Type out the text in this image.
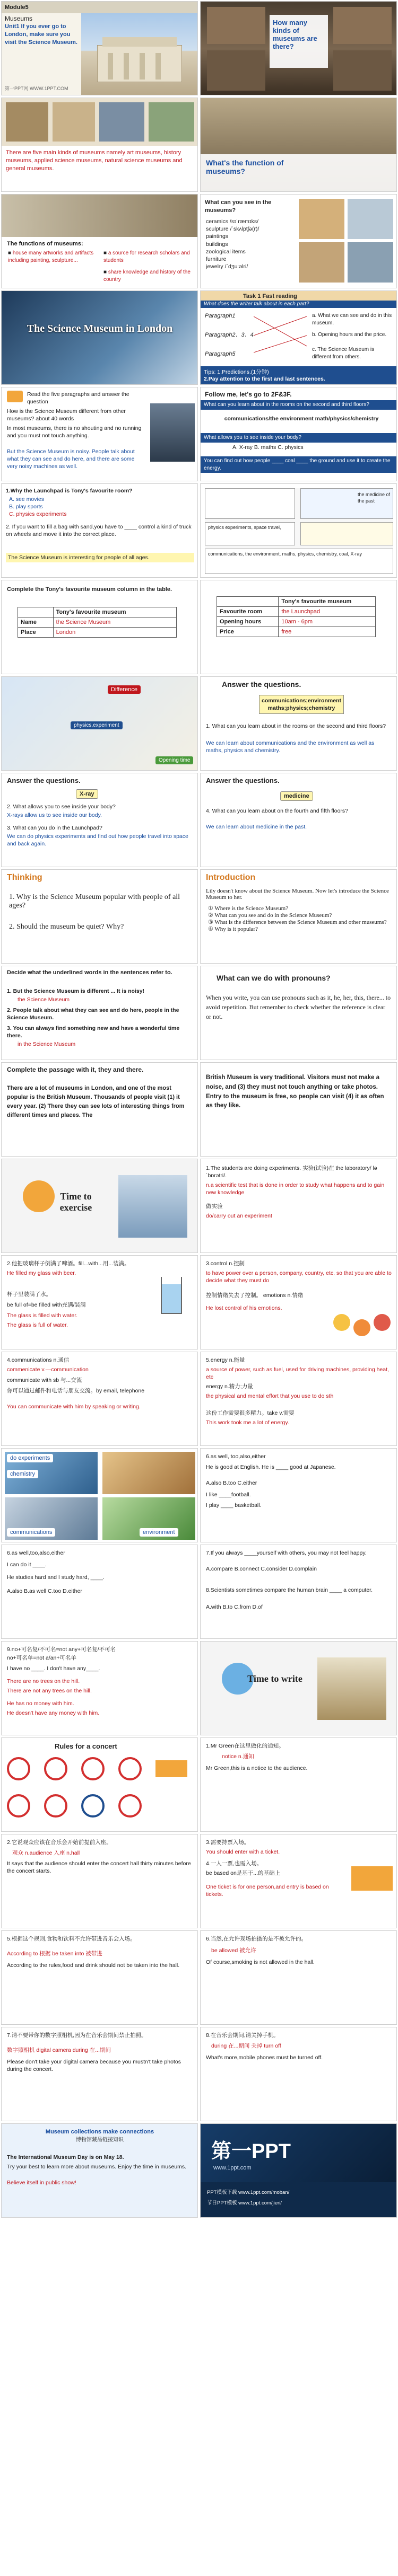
Module5
Museums
Unit1 If you ever go to London, make sure you visit the Science Museum.
第一PPT网 WWW.1PPT.COM
How many kinds of museums are there?
There are five main kinds of museums namely art museums, history museums, applied science museums, natural science museums and general museums.
What's the function of museums?
The functions of museums:
■ house many artworks and artifacts including painting, sculpture...
■ a source for research scholars and students
■ share knowledge and history of the country
What can you see in the museums?
ceramics /sɪˈræmɪks/
sculpture /ˈskʌlptʃə(r)/
paintings
buildings
zoological items
furniture
jewelry /ˈdʒuːəlri/
The Science Museum in London
Task 1 Fast reading
What does the writer talk about in each part?
Paragraph1
Paragraph2、3、4
Paragraph5
a. What we can see and do in this museum.
b. Opening hours and the price.
c. The Science Museum is different from others.
Tips: 1.Predictions.(1分钟)
2.Pay attention to the first and last sentences.
Read the five paragraphs and answer the question
How is the Science Museum different from other museums? about 40 words
In most museums, there is no shouting and no running and you must not touch anything.
But the Science Museum is noisy. People talk about what they can see and do here, and there are some very noisy machines as well.
Follow me, let's go to 2F&3F.
What can you learn about in the rooms on the second and third floors?
communications/the environment math/physics/chemistry
What allows you to see inside your body?
A. X-ray B. maths C. physics
You can find out how people ____ coal ____ the ground and use it to create the energy.
1.Why the Launchpad is Tony's favourite room?
A. see movies
B. play sports
C. physics experiments
2. If you want to fill a bag with sand,you have to ____ control a kind of truck on wheels and move it into the correct place.
The Science Museum is interesting for people of all ages.
the medicine of the past
physics experiments, space travel,
communications, the environment, maths, physics, chemistry, coal, X-ray
Complete the Tony's favourite museum column in the table.
	Tony's favourite museum
Name	the Science Museum
Place	London
	Tony's favourite museum
Favourite room	the Launchpad
Opening hours	10am - 6pm
Price	free
Difference
physics,experiment
Opening time
Answer the questions.
communications;environment maths;physics;chemistry
1. What can you learn about in the rooms on the second and third floors?
We can learn about communications and the environment as well as maths, physics and chemistry.
Answer the questions.
X-ray
2. What allows you to see inside your body?
X-rays allow us to see inside our body.
3. What can you do in the Launchpad?
We can do physics experiments and find out how people travel into space and back again.
Answer the questions.
medicine
4. What can you learn about on the fourth and fifth floors?
We can learn about medicine in the past.
Thinking
1. Why is the Science Museum popular with people of all ages?
2. Should the museum be quiet? Why?
Introduction
Lily doesn't know about the Science Museum. Now let's introduce the Science Museum to her.
① Where is the Science Museum?
② What can you see and do in the Science Museum?
③ What is the difference between the Science Museum and other museums?
④ Why is it popular?
Decide what the underlined words in the sentences refer to.
1. But the Science Museum is different ... It is noisy!
the Science Museum
2. People talk about what they can see and do here, people in the Science Museum.
3. You can always find something new and have a wonderful time there.
in the Science Museum
What can we do with pronouns?
When you write, you can use pronouns such as it, he, her, this, there... to avoid repetition. But remember to check whether the reference is clear or not.
Complete the passage with it, they and there.
There are a lot of museums in London, and one of the most popular is the British Museum. Thousands of people visit (1) it every year. (2) There they can see lots of interesting things from different times and places. The
British Museum is very traditional. Visitors must not make a noise, and (3) they must not touch anything or take photos. Entry to the museum is free, so people can visit (4) it as often as they like.
Time to exercise
1.The students are doing experiments. 实验(试验)在 the laboratory/ ləˈbɒrətri/.
n.a scientific test that is done in order to study what happens and to gain new knowledge
做实验
do/carry out an experiment
2.他把玻璃杯子倒满了啤酒。fill...with...用...装满。
He filled my glass with beer.
杯子里装满了水。
be full of=be filled with充满/装满
The glass is filled with water.
The glass is full of water.
3.control n.控制
to have power over a person, company, country, etc. so that you are able to decide what they must do
控制情绪失去了控制。 emotions n.情绪
He lost control of his emotions.
4.communications n.通信
commenicate v.—communication
communicate with sb 与...交流
你可以通过邮件和电话与朋友交流。by email, telephone
You can communicate with him by speaking or writing.
5.energy n.能量
a source of power, such as fuel, used for driving machines, providing heat, etc
energy n.精力;力量
the physical and mental effort that you use to do sth
这份工作需要很多精力。take v.需要
This work took me a lot of energy.
do experiments
chemistry
communications	environment
6.as well, too,also,either
He is good at English. He is ____ good at Japanese.
A.also B.too C.either
I like ____football.
I play ____ basketball.
6.as well,too,also,either
I can do it ____.
He studies hard and I study hard, ____.
A.also B.as well C.too D.either
7.If you always ____yourself with others, you may not feel happy.
A.compare B.connect C.consider D.complain
8.Scientists sometimes compare the human brain ____ a computer.
A.with B.to C.from D.of
9.no+可名复/不可名=not any+可名复/不可名
no+可名单=not a/an+可名单
I have no ____. I don't have any____.
There are no trees on the hill.
There are not any trees on the hill.
He has no money with him.
He doesn't have any money with him.
Time to write
Rules for a concert	1.Mr Green在这里做化的通知。
notice n.通知
Mr Green,this is a notice to the audience.
2.它说观众应该在音乐会开始前提前入座。
观众 n.audience 入座 n.hall
It says that the audience should enter the concert hall thirty minutes before the concert starts.
3.需要持票入场。
You should enter with a ticket.
4.一人一票,也需入场。
be based on是基于...的基础上
One ticket is for one person,and entry is based on tickets.
5.根据这个规则,食物和饮料不允许带进音乐会入场。
According to 根据 be taken into 被带进
According to the rules,food and drink should not be taken into the hall.
6.当然,在允许现场拍摄的是不被允许的。
be allowed 被允许
Of course,smoking is not allowed in the hall.
7.请不要带你的数字照相机,因为在音乐会期间禁止拍照。
数字照相机 digital camera during 在...期间
Please don't take your digital camera because you mustn't take photos during the concert.
8.在音乐会期间,请关掉手机。
during 在...期间 关掉 turn off
What's more,mobile phones must be turned off.
Museum collections make connections
博物馆藏品链接知识
The International Museum Day is on May 18.
Try your best to learn more about museums. Enjoy the time in museums.
Believe itself in public show!
第一PPT
www.1ppt.com
PPT模板下载 www.1ppt.com/moban/
节日PPT模板 www.1ppt.com/jieri/
